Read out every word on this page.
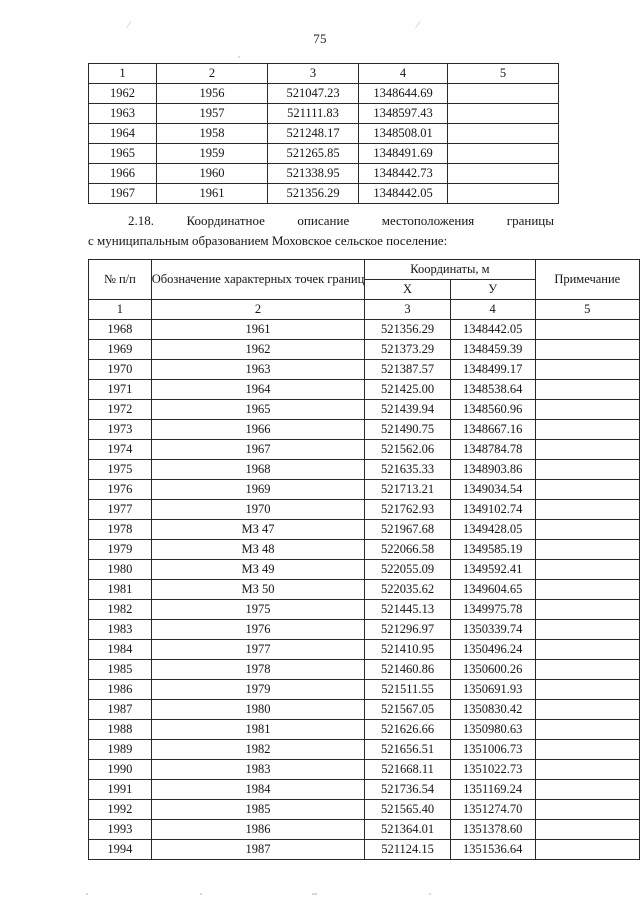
⁄	⁄
75
1	2	3	4	5
1962	1956	521047.23	1348644.69	
1963	1957	521111.83	1348597.43	
1964	1958	521248.17	1348508.01	
1965	1959	521265.85	1348491.69	
1966	1960	521338.95	1348442.73	
1967	1961	521356.29	1348442.05	
2.18.	Координатное	описание	местоположения	границы
с муниципальным образованием Моховское сельское поселение:
№ п/п	Обозначение характерных точек границ	Координаты, м		Примечание
		X	У	
1	2	3	4	5
1968	1961	521356.29	1348442.05	
1969	1962	521373.29	1348459.39	
1970	1963	521387.57	1348499.17	
1971	1964	521425.00	1348538.64	
1972	1965	521439.94	1348560.96	
1973	1966	521490.75	1348667.16	
1974	1967	521562.06	1348784.78	
1975	1968	521635.33	1348903.86	
1976	1969	521713.21	1349034.54	
1977	1970	521762.93	1349102.74	
1978	МЗ 47	521967.68	1349428.05	
1979	МЗ 48	522066.58	1349585.19	
1980	МЗ 49	522055.09	1349592.41	
1981	МЗ 50	522035.62	1349604.65	
1982	1975	521445.13	1349975.78	
1983	1976	521296.97	1350339.74	
1984	1977	521410.95	1350496.24	
1985	1978	521460.86	1350600.26	
1986	1979	521511.55	1350691.93	
1987	1980	521567.05	1350830.42	
1988	1981	521626.66	1350980.63	
1989	1982	521656.51	1351006.73	
1990	1983	521668.11	1351022.73	
1991	1984	521736.54	1351169.24	
1992	1985	521565.40	1351274.70	
1993	1986	521364.01	1351378.60	
1994	1987	521124.15	1351536.64	
